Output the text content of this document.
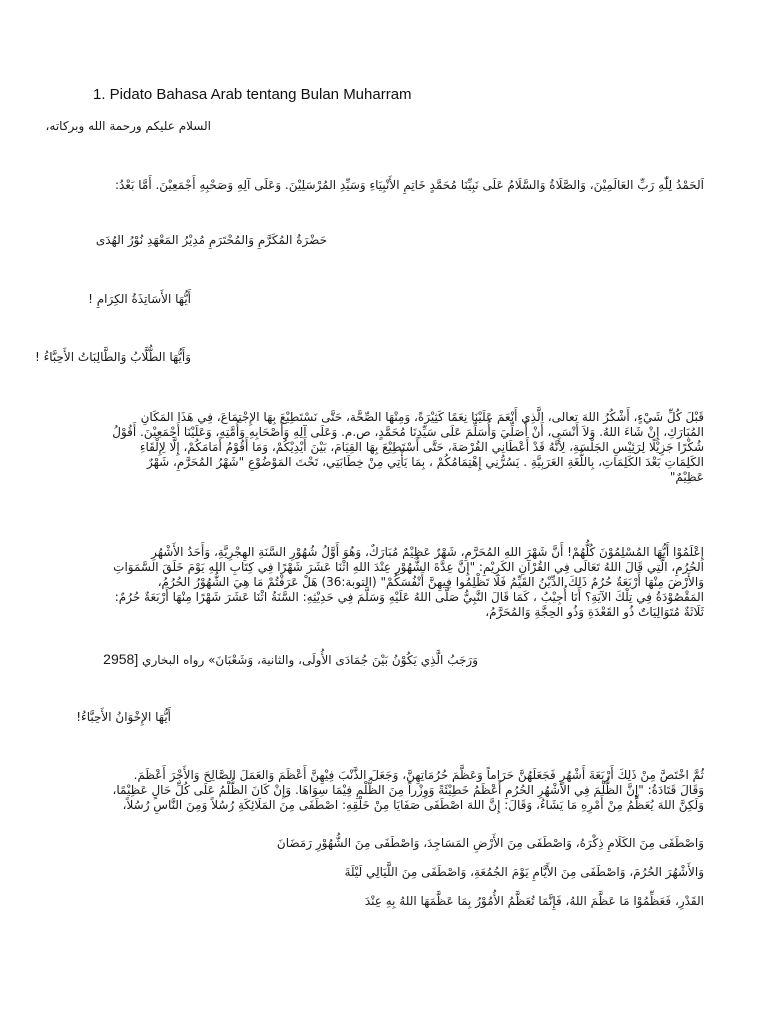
1. Pidato Bahasa Arab tentang Bulan Muharram
السلام عليكم ورحمة الله وبركاته،
اَلحَمْدُ لِلّٰهِ رَبِّ العَالَمِيْنَ، وَالصَّلَاةُ وَالسَّلَامُ عَلَى نَبِيِّنَا مُحَمَّدٍ خَاتِمِ الأَنْبِيَاءِ وَسَيِّدِ المُرْسَلِيْنَ. وَعَلَى آلِهِ وَصَحْبِهِ أَجْمَعِيْنَ. أَمَّا بَعْدُ:
حَضْرَةُ المُكَرَّمِ وَالمُحْتَرَمِ مُدِيْرُ المَعْهَدِ نُوْرُ الهُدَى
أَيُّهَا الأَسَاتِذَةُ الكِرَامِ !
وَأَيُّهَا الطُّلَّابُ وَالطَّالِبَاتُ الأَحِبَّاءُ !
قَبْلَ كُلِّ شَيْءٍ، أَشْكُرُ اللهَ تعالى، الَّذِي أَنْعَمَ عَلَيْنَا نِعَمًا كَثِيْرَةً، وَمِنْهَا الصِّحَّة، حَتَّى نَسْتَطِيْعَ بِهَا الإِجْتِمَاعَ، فِي هَذَا المَكَانِ
المُبَارَكِ، إِنْ شَاءَ اللهُ. وَلاَ أَنْسَى، أَنْ أُصَلِّيَ وَأُسَلِّمَ عَلَى سَيِّدِنَا مُحَمَّدٍ، ص.م. وَعَلَى آلِهِ وَأَصْحَابِهِ وَأُمَّتِهِ، وَعَلَيْنَا أَجْمَعِيْنَ. أَقُوْلُ
شُكْرًا جَزِيْلًا لِرَئِيْسِ الجَلْسَةِ، لِأَنَّهُ قَدْ أَعْطَانِي الفُرْصَةَ، حَتَّى أَسْتَطِيْعَ بِهَا القِيَامَ، بَيْنَ أَيْدِيْكُمْ، وَمَا أَقُوْمُ أَمَامَكُمْ، إِلَّا لِإِلْقَاءِ
الكَلِمَاتِ بَعْدَ الكَلِمَاتِ، بِاللُّغَةِ العَرَبِيَّةِ . يَسُرُّنِي إِهْتِمَامُكُمْ ، بِمَا يَأْتِي مِنْ خِطَابَتِي، تَحْتَ المَوْضُوْعِ "شَهْرُ المُحَرَّمِ، شَهْرٌ
عَظِيْمٌ"
إِعْلَمُوْا أَيُّهَا المُسْلِمُوْنَ كُلُّهُمْ! أَنَّ شَهْرَ اللهِ المُحَرَّمِ، شَهْرٌ عَظِيْمٌ مُبَارَكٌ، وَهُوَ أَوَّلُ شُهُوْرِ السَّنَةِ الهِجْرِيَّةِ، وَأَحَدُ الأَشْهُرِ
الحُرُمِ، الَّتِي قَالَ اللهُ تَعَالَى فِي القُرْآنِ الكَرِيْمِ: "إِنَّ عِدَّةَ الشُّهُوْرِ عِنْدَ اللهِ اثْنَا عَشَرَ شَهْرًا فِي كِتَابِ اللهِ يَوْمَ خَلَقَ السَّمَوَاتِ
وَالأَرْضَ مِنْهَا أَرْبَعَةٌ حُرُمٌ ذَلِكَ الدِّيْنُ القَيِّمُ فَلَا تَظْلِمُوا فِيهِنَّ أَنْفُسَكُمْ" (التوبة:36) هَلْ عَرَفْتُمْ مَا هِيَ الشُّهُوْرُ الحُرُمُ،
المَقْصُوْدَةُ فِي تِلْكَ الآيَةِ؟ أَنَا أُجِيْبُ ، كَمَا قَالَ النَّبِيُّ صَلَّى اللهُ عَلَيْهِ وَسَلَّمَ فِي حَدِيْثِهِ: السَّنَةُ اثْنَا عَشَرَ شَهْرًا مِنْهَا أَرْبَعَةٌ حُرُمٌ:
ثَلَاثَةٌ مُتَوَالِيَاتٌ ذُو القَعْدَةِ وَذُو الحِجَّةِ وَالمُحَرَّمُ،
وَرَجَبُ الَّذِي يَكُوْنُ بَيْنَ جُمَادَى الأُولَى، والثانية، وَشَعْبَانَ» رواه البخاري [2958
أَيُّهَا الإِخْوَانُ الأَحِبَّاءُ!
ثُمَّ اخْتَصَّ مِنْ ذَلِكَ أَرْبَعَةَ أَشْهُرٍ فَجَعَلَهُنَّ حَرَاماً وَعَظَّمَ حُرُمَاتِهِنَّ، وَجَعَلَ الذَّنْبَ فِيْهِنَّ أَعْظَمَ وَالعَمَلَ الصَّالِحَ وَالأَجْرَ أَعْظَمَ.
وَقَالَ قَتَادَةُ: "إِنَّ الظُّلْمَ فِي الأَشْهُرِ الحُرُمِ أَعْظَمُ خَطِيْئَةً وَوِزْراً مِنَ الظُّلْمِ فِيْمَا سِوَاهَا. وَإِنْ كَانَ الظُّلْمُ عَلَى كُلِّ حَالٍ عَظِيْمًا،
وَلَكِنَّ اللهَ يُعَظِّمُ مِنْ أَمْرِهِ مَا يَشَاءُ، وَقَالَ: إِنَّ اللهَ اصْطَفَى صَفَايَا مِنْ خَلْقِهِ: اصْطَفَى مِنَ المَلَائِكَةِ رُسُلاً وَمِنَ النَّاسِ رُسُلاً،
وَاصْطَفَى مِنَ الكَلَامِ ذِكْرَهُ، وَاصْطَفَى مِنَ الأَرْضِ المَسَاجِدَ، وَاصْطَفَى مِنَ الشُّهُوْرِ رَمَضَانَ
وَالأَشْهُرَ الحُرُمَ، وَاصْطَفَى مِنَ الأَيَّامِ يَوْمَ الجُمُعَةِ، وَاصْطَفَى مِنَ اللَّيَالِي لَيْلَةَ
القَدْرِ، فَعَظِّمُوْا مَا عَظَّمَ اللهُ، فَإِنَّمَا تُعَظَّمُ الأُمُوْرُ بِمَا عَظَّمَهَا اللهُ بِهِ عِنْدَ
